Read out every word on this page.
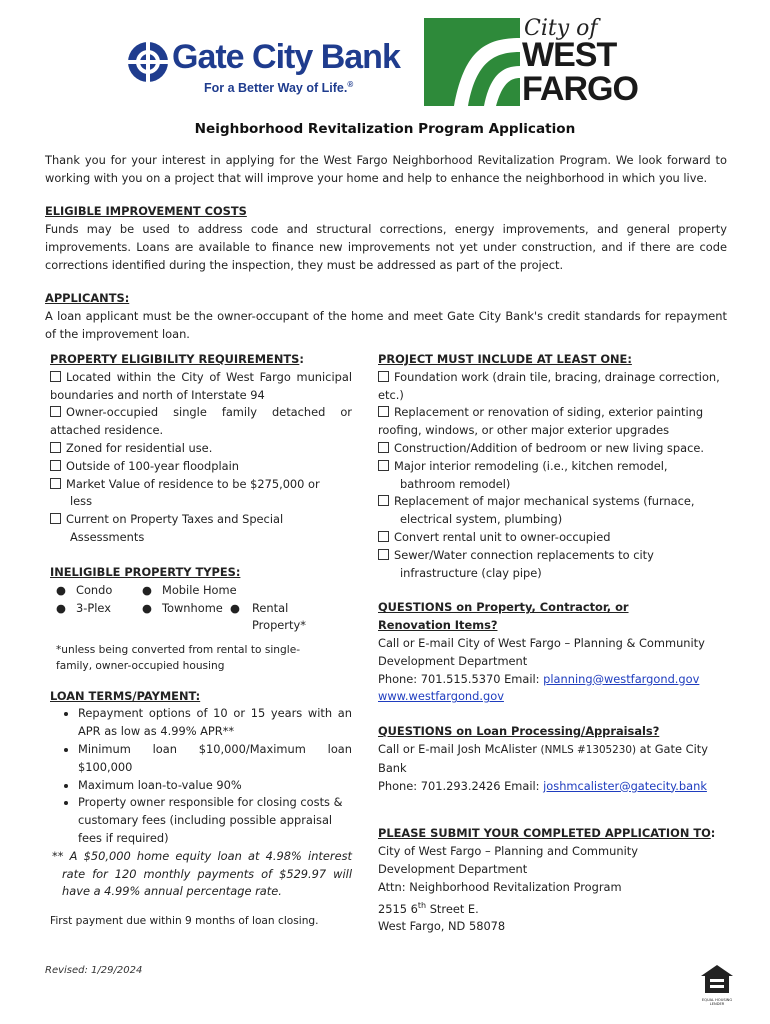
Gate City Bank
For a Better Way of Life.®
City of
WEST
FARGO
Neighborhood Revitalization Program Application
Thank you for your interest in applying for the West Fargo Neighborhood Revitalization Program. We look forward to working with you on a project that will improve your home and help to enhance the neighborhood in which you live.
ELIGIBLE IMPROVEMENT COSTS
Funds may be used to address code and structural corrections, energy improvements, and general property improvements. Loans are available to finance new improvements not yet under construction, and if there are code corrections identified during the inspection, they must be addressed as part of the project.
APPLICANTS:
A loan applicant must be the owner-occupant of the home and meet Gate City Bank's credit standards for repayment of the improvement loan.
PROPERTY ELIGIBILITY REQUIREMENTS:
Located within the City of West Fargo municipal boundaries and north of Interstate 94
Owner-occupied single family detached or attached residence.
Zoned for residential use.
Outside of 100-year floodplain
Market Value of residence to be $275,000 or less
Current on Property Taxes and Special Assessments
INELIGIBLE PROPERTY TYPES:
● Condo	● Mobile Home
● 3-Plex	● Townhome ● Rental Property*
*unless being converted from rental to single-family, owner-occupied housing
LOAN TERMS/PAYMENT:
• Repayment options of 10 or 15 years with an APR as low as 4.99% APR**
• Minimum loan $10,000/Maximum loan $100,000
• Maximum loan-to-value 90%
• Property owner responsible for closing costs & customary fees (including possible appraisal fees if required)
** A $50,000 home equity loan at 4.98% interest rate for 120 monthly payments of $529.97 will have a 4.99% annual percentage rate.
First payment due within 9 months of loan closing.
PROJECT MUST INCLUDE AT LEAST ONE:
Foundation work (drain tile, bracing, drainage correction, etc.)
Replacement or renovation of siding, exterior painting roofing, windows, or other major exterior upgrades
Construction/Addition of bedroom or new living space.
Major interior remodeling (i.e., kitchen remodel, bathroom remodel)
Replacement of major mechanical systems (furnace, electrical system, plumbing)
Convert rental unit to owner-occupied
Sewer/Water connection replacements to city infrastructure (clay pipe)
QUESTIONS on Property, Contractor, or Renovation Items?
Call or E-mail City of West Fargo – Planning & Community Development Department
Phone: 701.515.5370 Email: planning@westfargond.gov
www.westfargond.gov
QUESTIONS on Loan Processing/Appraisals?
Call or E-mail Josh McAlister (NMLS #1305230) at Gate City Bank
Phone: 701.293.2426 Email: joshmcalister@gatecity.bank
PLEASE SUBMIT YOUR COMPLETED APPLICATION TO:
City of West Fargo – Planning and Community Development Department
Attn: Neighborhood Revitalization Program
2515 6th Street E.
West Fargo, ND 58078
Revised: 1/29/2024
EQUAL HOUSING LENDER
